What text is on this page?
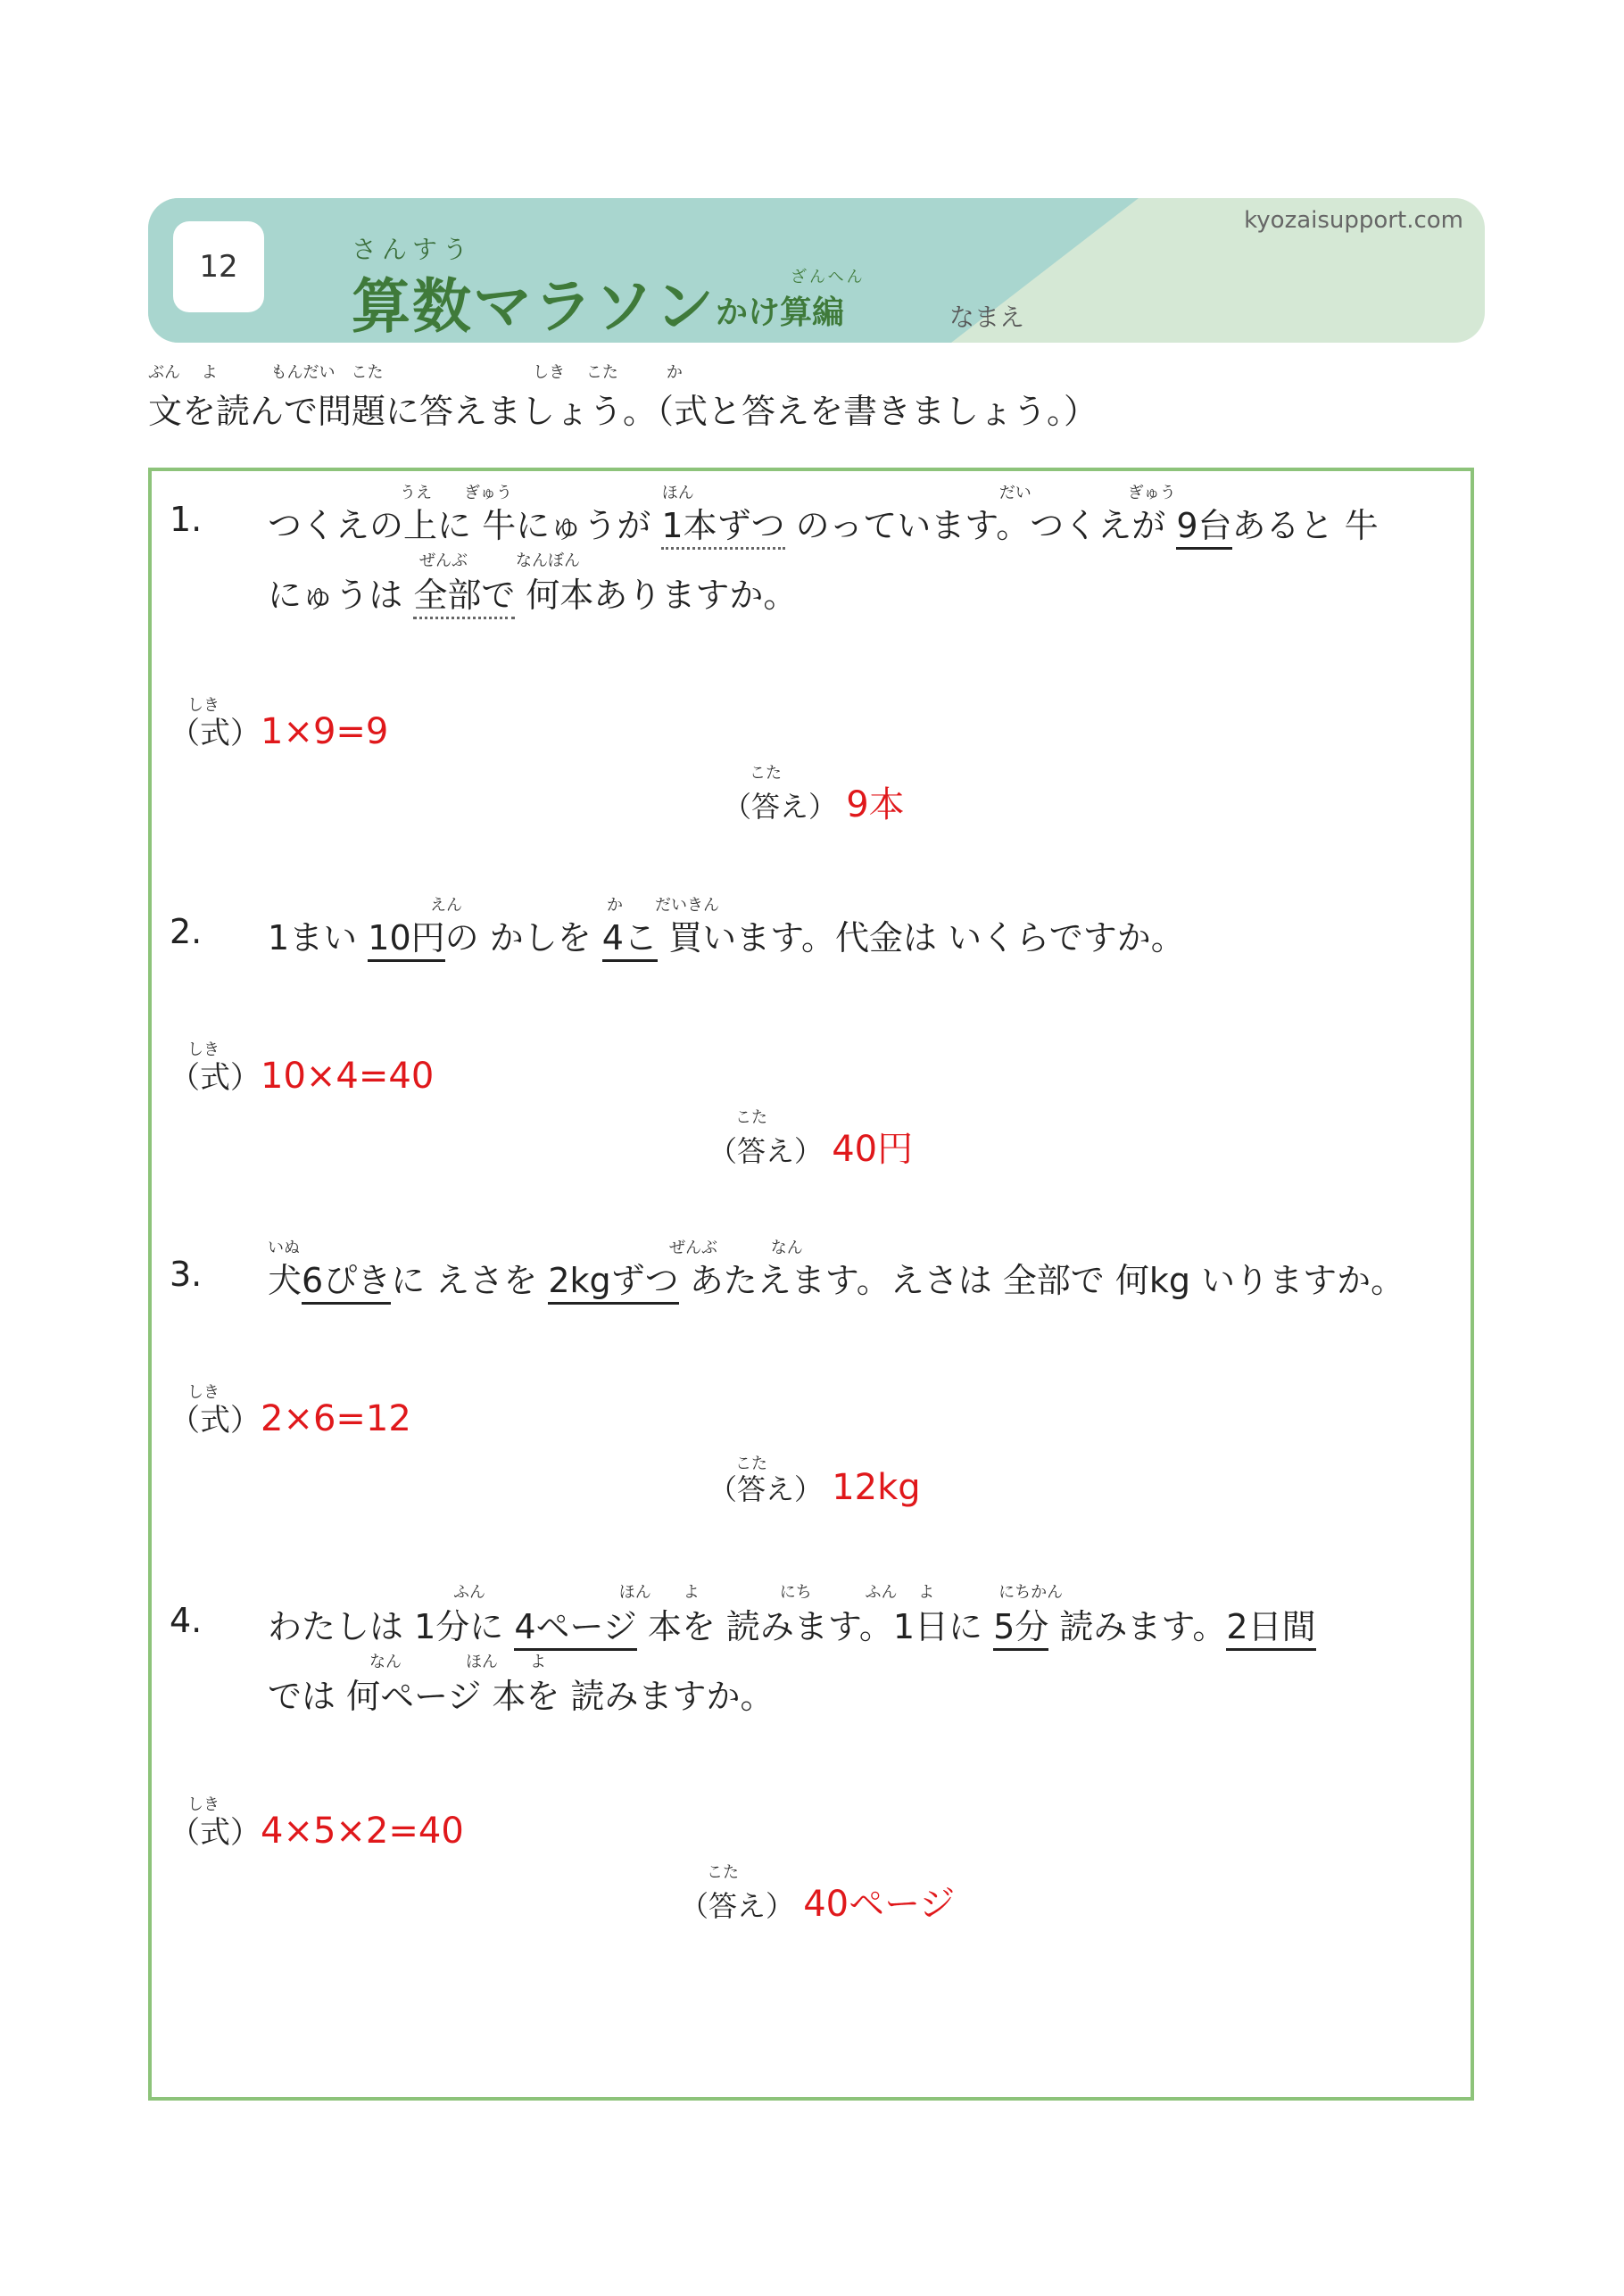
12	さんすう
算数マラソン	ざんへん
かけ算編
kyozaisupport.com
なまえ
ぶん　 よ　　　 もんだい　こた　　　　　　　　　 しき　 こた　　　か
文を読んで問題に答えましょう。（式と答えを書きましょう。）
1.
うえ　　ぎゅう　　　　　　　　　 ほん　　　　　　　　　　　　　　　　　　　だい　　　　　　ぎゅう
つくえの上に 牛にゅうが 1本ずつ のっています。つくえが 9台あると 牛
ぜんぶ　　　なんぼん
にゅうは 全部で 何本ありますか。
しき
（式）1×9=9
こた
（答え） 9本
2.
えん　　　　　　　　　か　　だいきん
1まい 10円の かしを 4こ 買います。代金は いくらですか。
しき
（式）10×4=40
こた
（答え） 40円
3.
いぬ　　　　　　　　　　　　　　　　　　　　　　　ぜんぶ　　　 なん
犬6ぴきに えさを 2kgずつ あたえます。えさは 全部で 何kg いりますか。
しき
（式）2×6=12
こた
（答え） 12kg
4.
ふん　　　　　　　　 ほん　　よ　　　　　にち　　　 ふん　 よ　　　　にちかん
わたしは 1分に 4ページ 本を 読みます。1日に 5分 読みます。2日間
なん　　　　ほん　　よ
では 何ページ 本を 読みますか。
しき
（式）4×5×2=40
こた
（答え） 40ページ
